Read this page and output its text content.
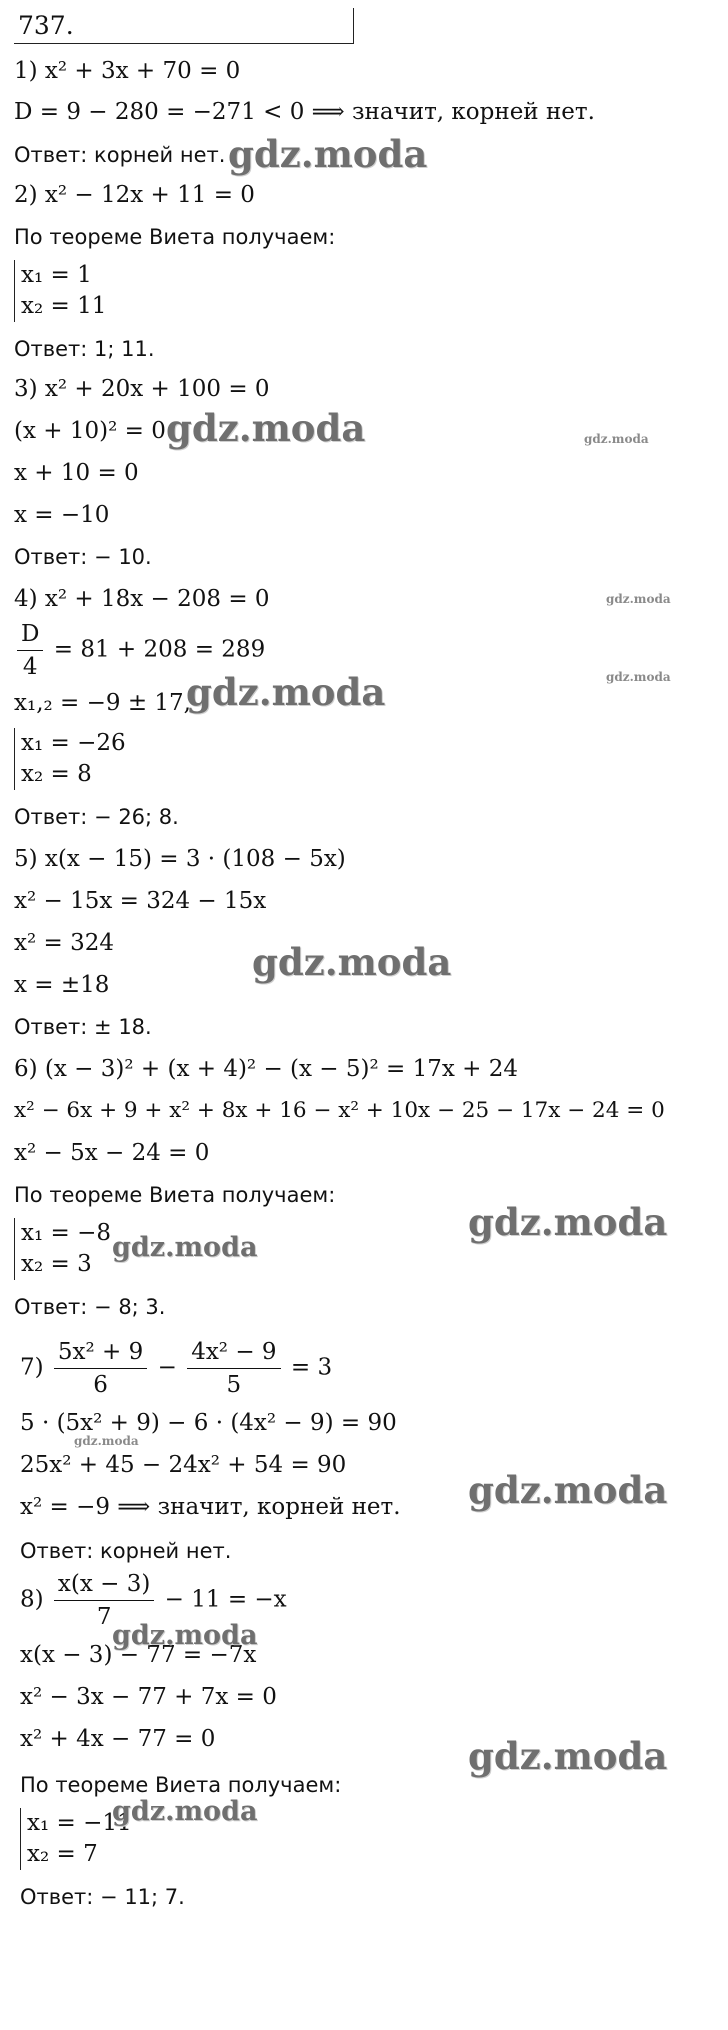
737.
1) x² + 3x + 70 = 0
D = 9 − 280 = −271 < 0 ⟹ значит, корней нет.
Ответ: корней нет.
2) x² − 12x + 11 = 0
По теореме Виета получаем:
x₁ = 1
x₂ = 11
Ответ: 1; 11.
3) x² + 20x + 100 = 0
(x + 10)² = 0
x + 10 = 0
x = −10
Ответ: − 10.
4) x² + 18x − 208 = 0
$\frac{D}{4} = 81 + 208 = 289$
x₁,₂ = −9 ± 17,
x₁ = −26
x₂ = 8
Ответ: − 26; 8.
5) x(x − 15) = 3 · (108 − 5x)
x² − 15x = 324 − 15x
x² = 324
x = ±18
Ответ: ± 18.
6) (x − 3)² + (x + 4)² − (x − 5)² = 17x + 24
x² − 6x + 9 + x² + 8x + 16 − x² + 10x − 25 − 17x − 24 = 0
x² − 5x − 24 = 0
По теореме Виета получаем:
x₁ = −8
x₂ = 3
Ответ: − 8; 3.
$7) \frac{\text{5x² + 9}}{6} - \frac{\text{4x² − 9}}{5} = 3$
5 · (5x² + 9) − 6 · (4x² − 9) = 90
25x² + 45 − 24x² + 54 = 90
x² = −9 ⟹ значит, корней нет.
Ответ: корней нет.
$8) \frac{x(x - 3)}{7} - 11 = -x$
x(x − 3) − 77 = −7x
x² − 3x − 77 + 7x = 0
x² + 4x − 77 = 0
По теореме Виета получаем:
x₁ = −11
x₂ = 7
Ответ: − 11; 7.
gdz.moda
gdz.moda	gdz.moda
gdz.moda
gdz.moda
gdz.moda
gdz.moda
gdz.moda
gdz.moda
gdz.moda
gdz.moda
gdz.moda
gdz.moda
gdz.moda
